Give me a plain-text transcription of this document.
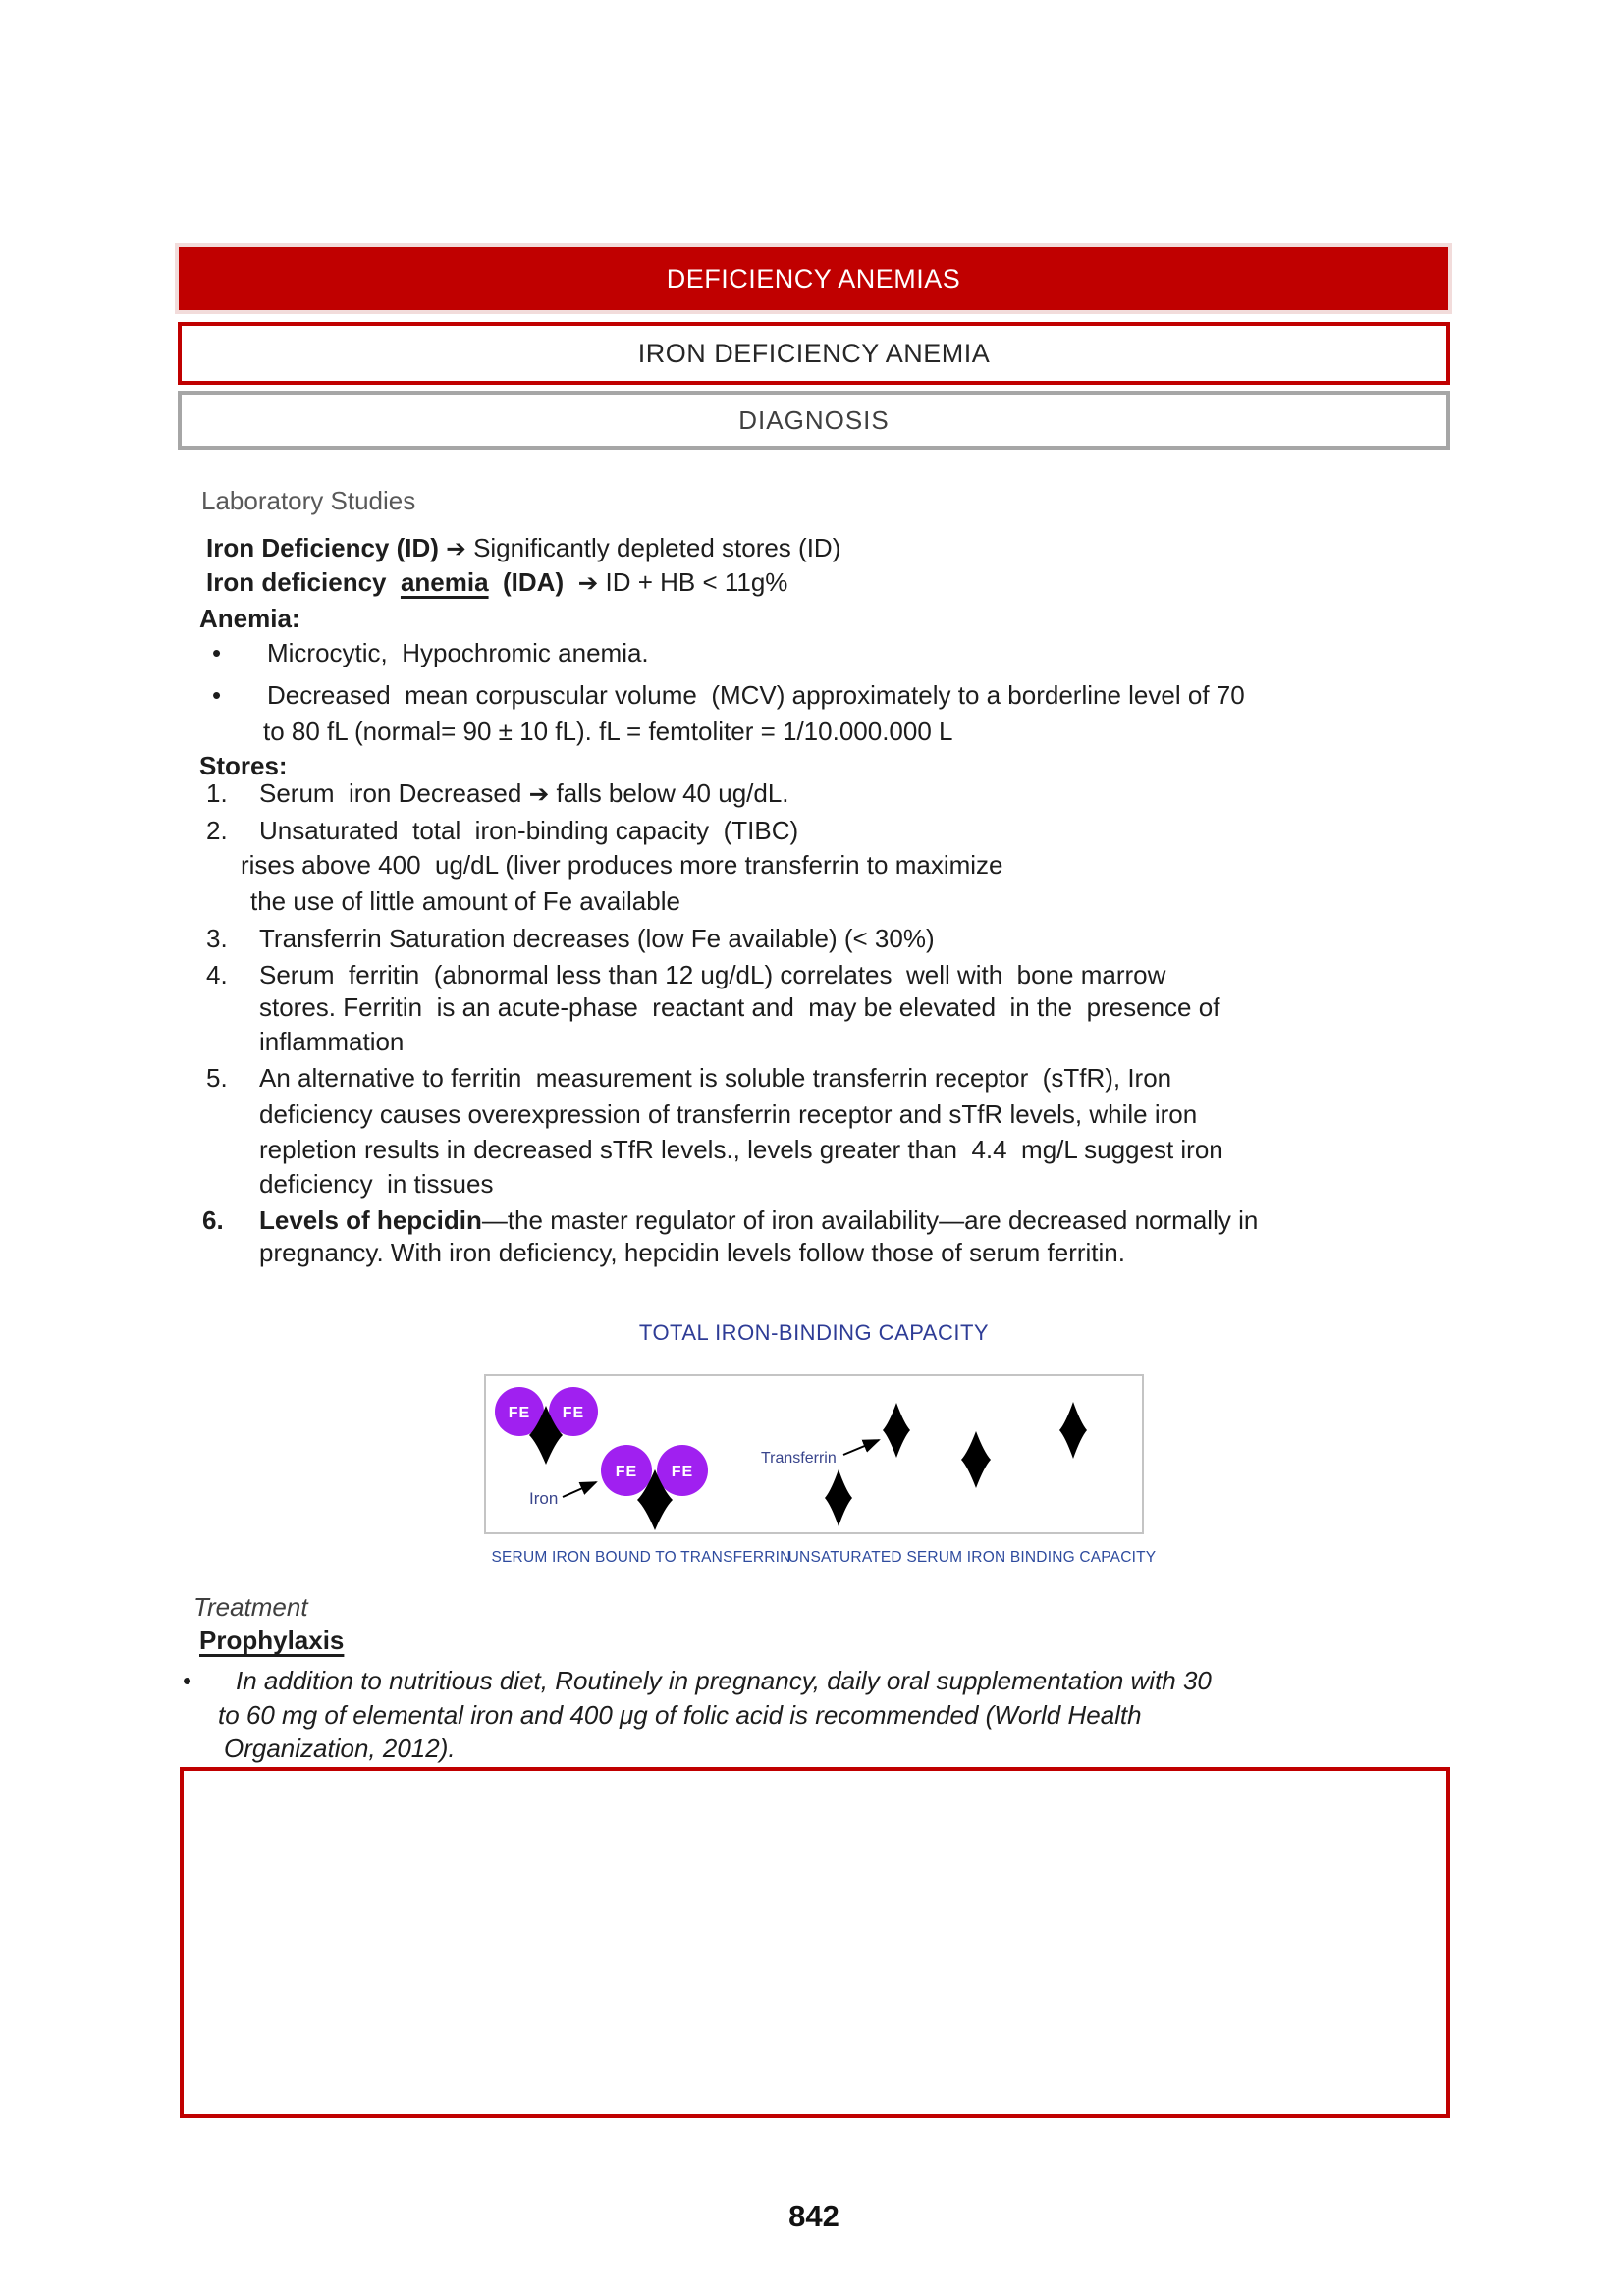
DEFICIENCY ANEMIAS
IRON DEFICIENCY ANEMIA
DIAGNOSIS
Laboratory Studies
Iron Deficiency (ID) ➔ Significantly depleted stores (ID)
Iron deficiency  anemia  (IDA)  ➔ ID + HB < 11g%
Anemia:
• Microcytic,  Hypochromic anemia.
• Decreased  mean corpuscular volume  (MCV) approximately to a borderline level of 70
to 80 fL (normal= 90 ± 10 fL). fL = femtoliter = 1/10.000.000 L
Stores:
1. Serum  iron Decreased ➔ falls below 40 ug/dL.
2. Unsaturated  total  iron-binding capacity  (TIBC)
rises above 400  ug/dL (liver produces more transferrin to maximize
the use of little amount of Fe available
3. Transferrin Saturation decreases (low Fe available) (< 30%)
4. Serum  ferritin  (abnormal less than 12 ug/dL) correlates  well with  bone marrow
stores. Ferritin  is an acute-phase  reactant and  may be elevated  in the  presence of
inflammation
5. An alternative to ferritin  measurement is soluble transferrin receptor  (sTfR), Iron
deficiency causes overexpression of transferrin receptor and sTfR levels, while iron
repletion results in decreased sTfR levels., levels greater than  4.4  mg/L suggest iron
deficiency  in tissues
6. Levels of hepcidin—the master regulator of iron availability—are decreased normally in
pregnancy. With iron deficiency, hepcidin levels follow those of serum ferritin.
Treatment
Prophylaxis
• In addition to nutritious diet, Routinely in pregnancy, daily oral supplementation with 30
to 60 mg of elemental iron and 400 μg of folic acid is recommended (World Health
Organization, 2012).
TOTAL IRON-BINDING CAPACITY
FE FE
FE FE
Iron
Transferrin
SERUM IRON BOUND TO TRANSFERRIN
UNSATURATED SERUM IRON BINDING CAPACITY
842
